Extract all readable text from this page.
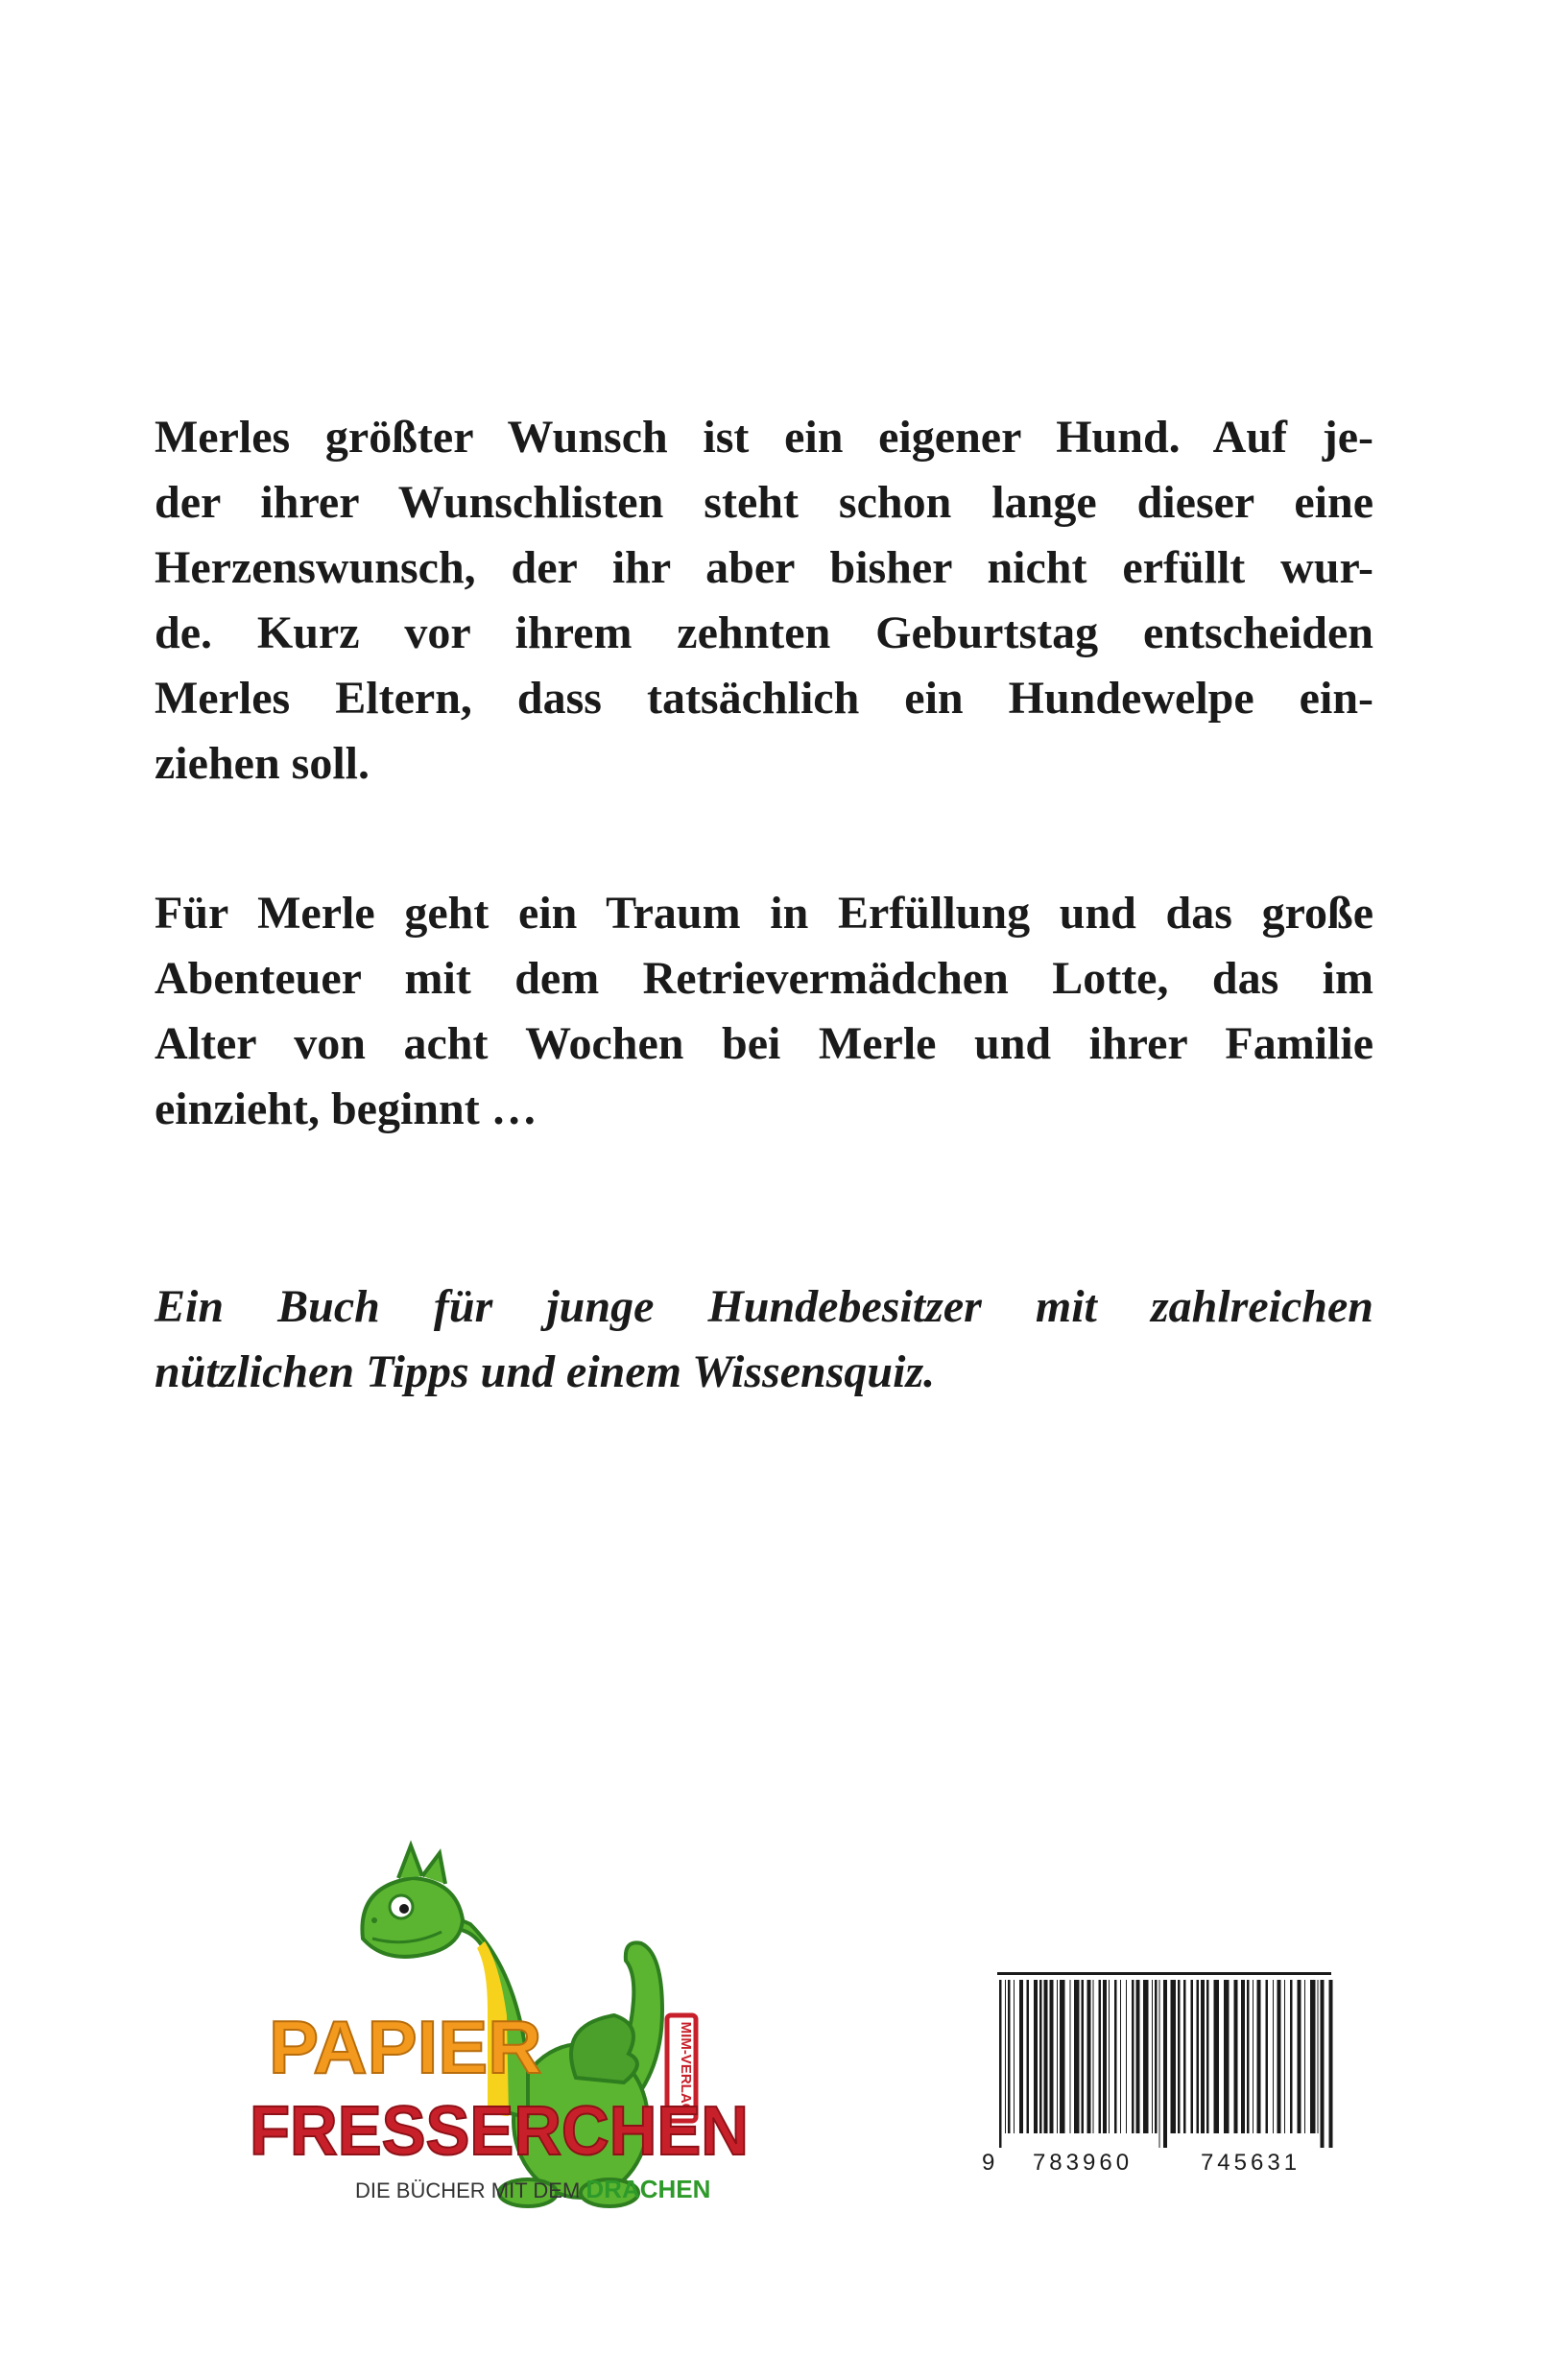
Merles größter Wunsch ist ein eigener Hund. Auf je-
der ihrer Wunschlisten steht schon lange dieser eine
Herzenswunsch, der ihr aber bisher nicht erfüllt wur-
de. Kurz vor ihrem zehnten Geburtstag entscheiden
Merles Eltern, dass tatsächlich ein Hundewelpe ein-
ziehen soll.
Für Merle geht ein Traum in Erfüllung und das große
Abenteuer mit dem Retrievermädchen Lotte, das im
Alter von acht Wochen bei Merle und ihrer Familie
einzieht, beginnt …
Ein Buch für junge Hundebesitzer mit zahlreichen
nützlichen Tipps und einem Wissensquiz.
MIM-VERLAG
PAPIER
FRESSERCHEN
DIE BÜCHER MIT DEM DRACHEN
9 783960	745631
